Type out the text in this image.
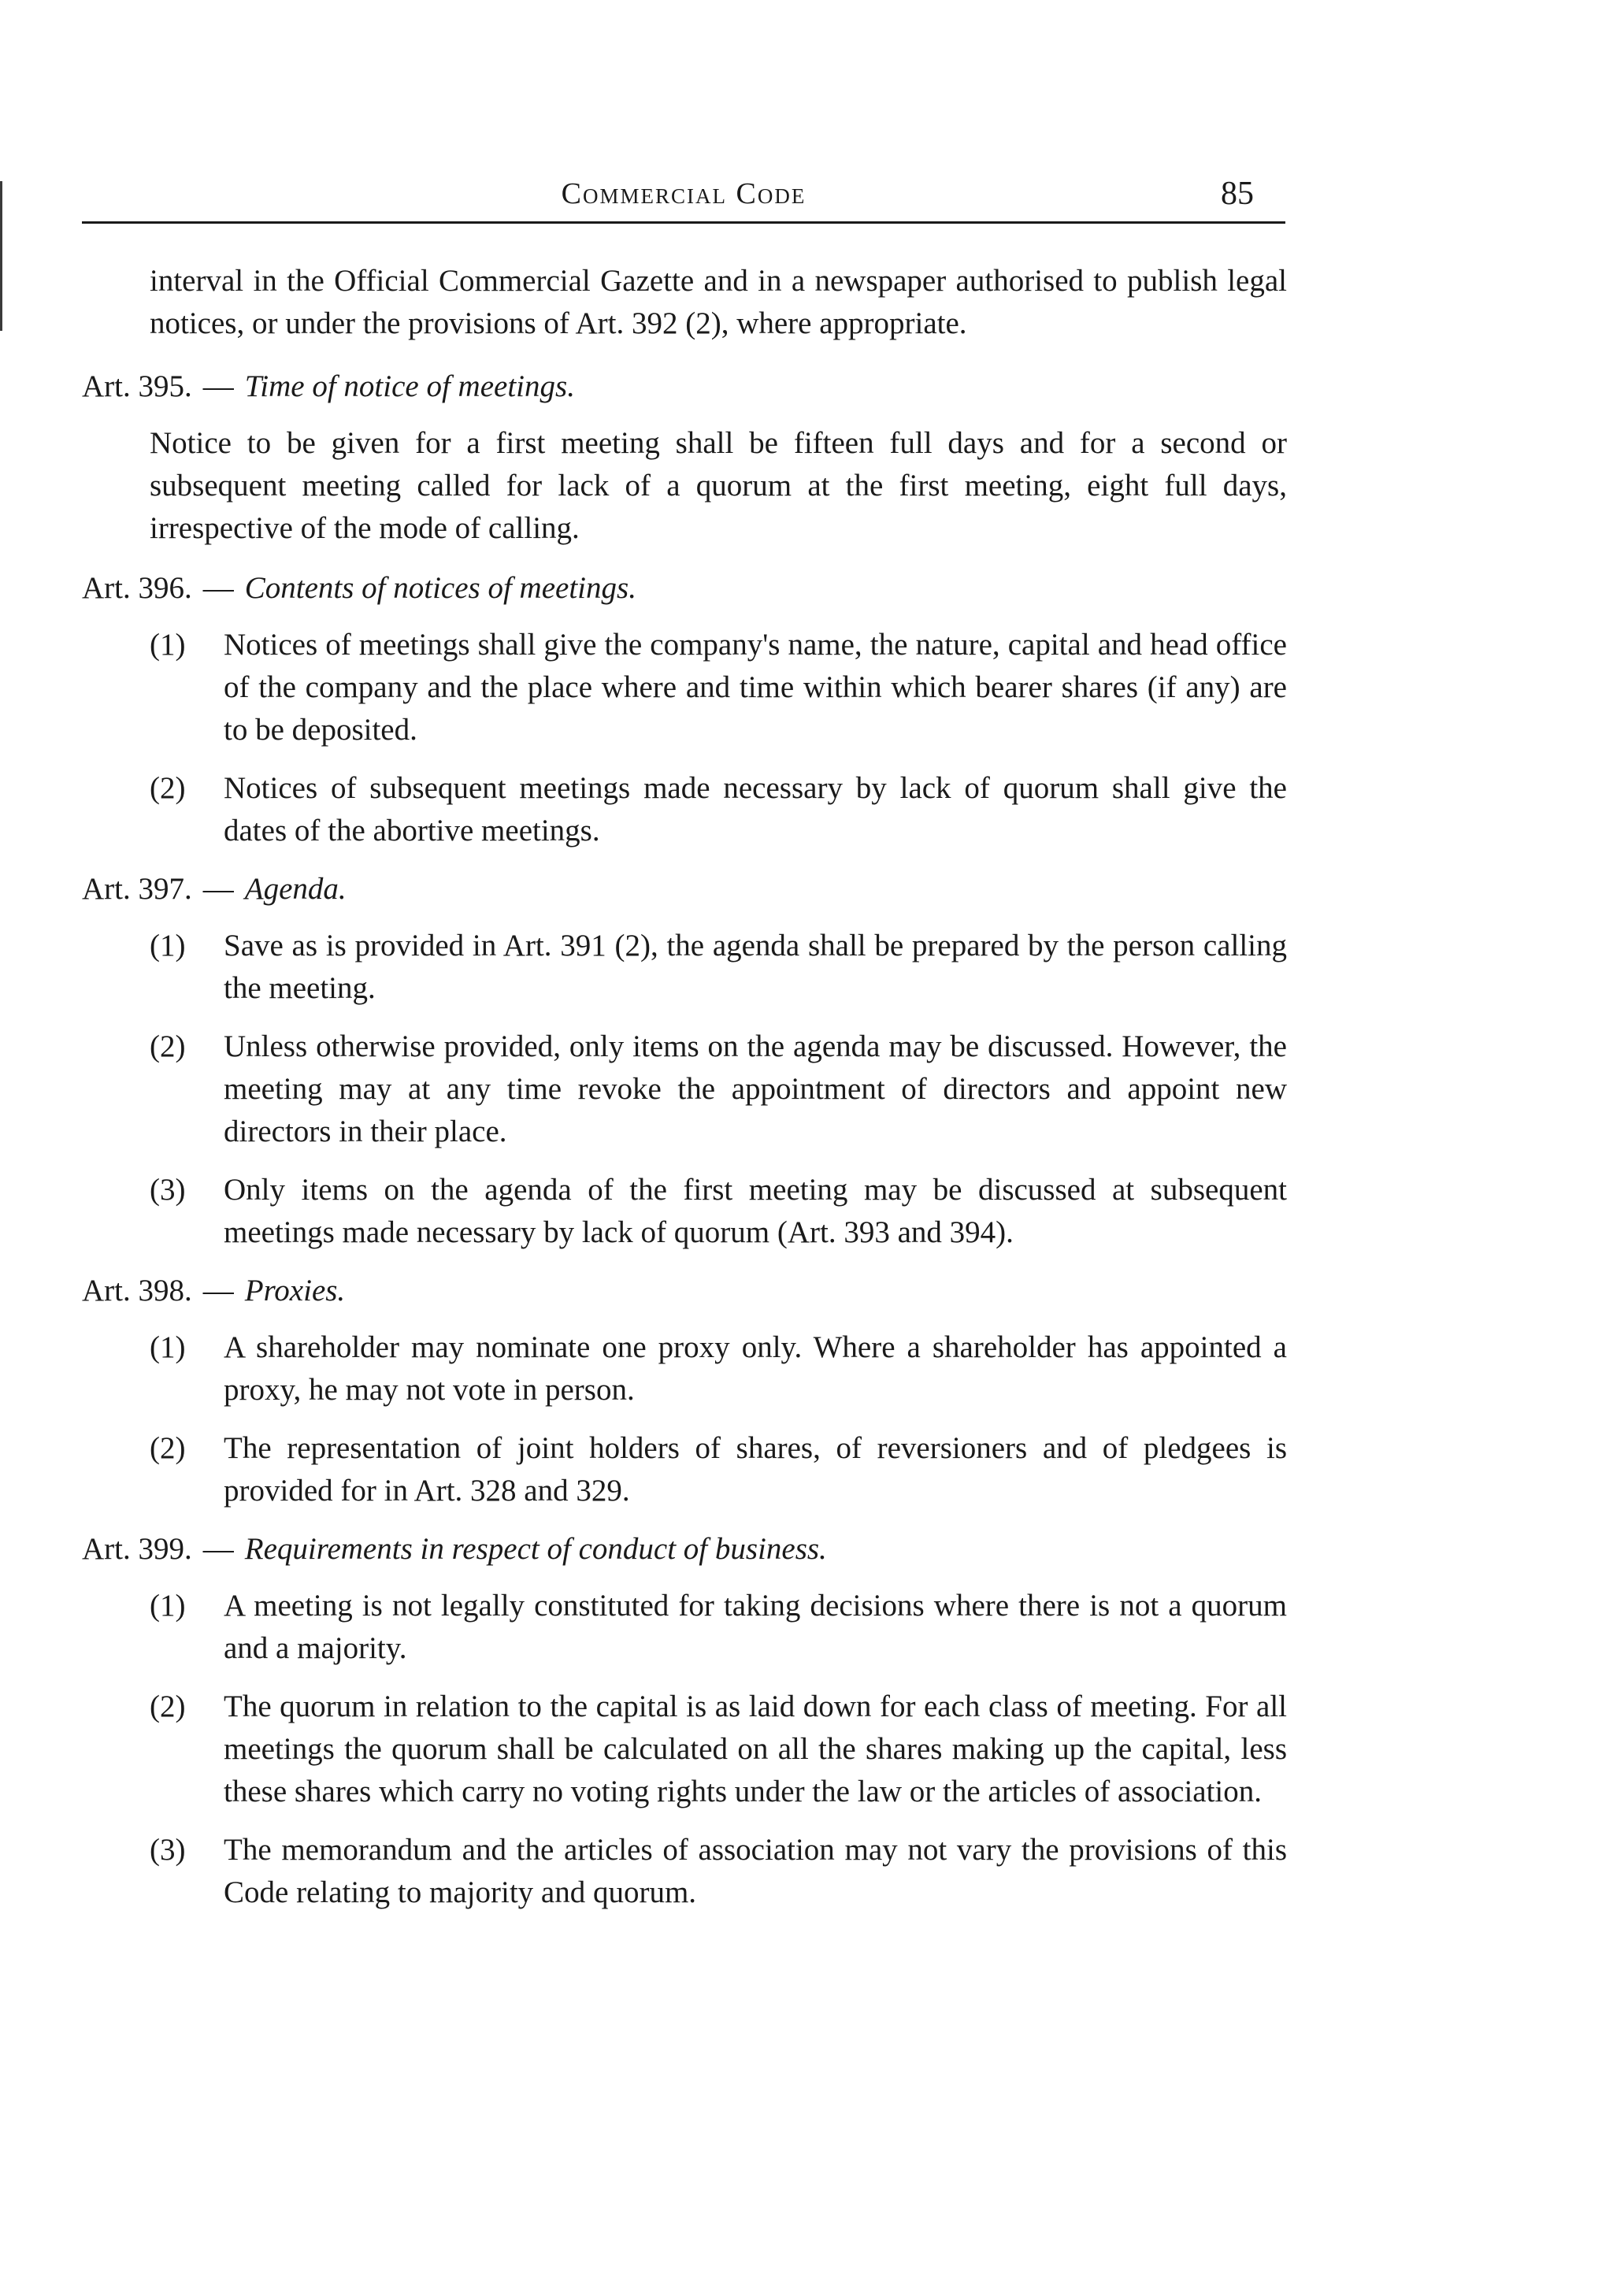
Commercial Code	85

interval in the Official Commercial Gazette and in a newspaper authorised to publish legal notices, or under the provisions of Art. 392 (2), where appropriate.

Art. 395. — Time of notice of meetings.

Notice to be given for a first meeting shall be fifteen full days and for a second or subsequent meeting called for lack of a quorum at the first meeting, eight full days, irrespective of the mode of calling.

Art. 396. — Contents of notices of meetings.
(1)	Notices of meetings shall give the company's name, the nature, capital and head office of the company and the place where and time within which bearer shares (if any) are to be deposited.
(2)	Notices of subsequent meetings made necessary by lack of quorum shall give the dates of the abortive meetings.
Art. 397. — Agenda.
(1)	Save as is provided in Art. 391 (2), the agenda shall be prepared by the person calling the meeting.
(2)	Unless otherwise provided, only items on the agenda may be discussed. However, the meeting may at any time revoke the appointment of directors and appoint new directors in their place.
(3)	Only items on the agenda of the first meeting may be discussed at subsequent meetings made necessary by lack of quorum (Art. 393 and 394).
Art. 398. — Proxies.
(1)	A shareholder may nominate one proxy only. Where a shareholder has appointed a proxy, he may not vote in person.
(2)	The representation of joint holders of shares, of reversioners and of pledgees is provided for in Art. 328 and 329.
Art. 399. — Requirements in respect of conduct of business.
(1)	A meeting is not legally constituted for taking decisions where there is not a quorum and a majority.
(2)	The quorum in relation to the capital is as laid down for each class of meeting. For all meetings the quorum shall be calculated on all the shares making up the capital, less these shares which carry no voting rights under the law or the articles of association.
(3)	The memorandum and the articles of association may not vary the provisions of this Code relating to majority and quorum.
